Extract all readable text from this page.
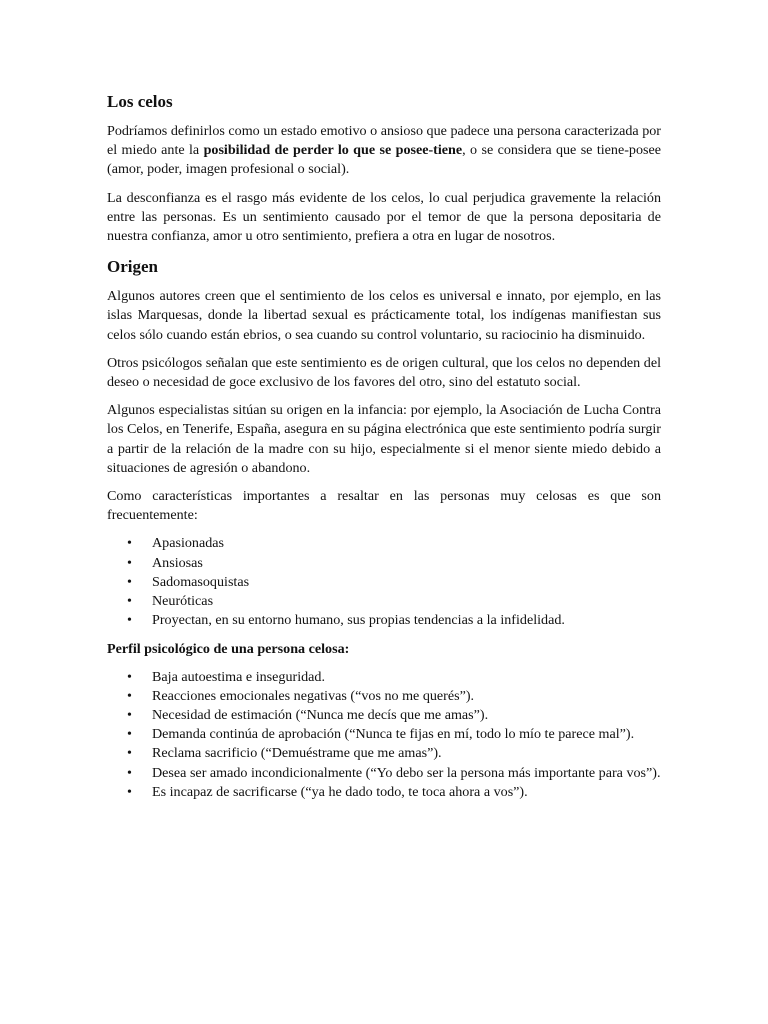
Los celos

Podríamos definirlos como un estado emotivo o ansioso que padece una persona caracterizada por el miedo ante la posibilidad de perder lo que se posee-tiene, o se considera que se tiene-posee (amor, poder, imagen profesional o social).

La desconfianza es el rasgo más evidente de los celos, lo cual perjudica gravemente la relación entre las personas. Es un sentimiento causado por el temor de que la persona depositaria de nuestra confianza, amor u otro sentimiento, prefiera a otra en lugar de nosotros.

Origen

Algunos autores creen que el sentimiento de los celos es universal e innato, por ejemplo, en las islas Marquesas, donde la libertad sexual es prácticamente total, los indígenas manifiestan sus celos sólo cuando están ebrios, o sea cuando su control voluntario, su raciocinio ha disminuido.

Otros psicólogos señalan que este sentimiento es de origen cultural, que los celos no dependen del deseo o necesidad de goce exclusivo de los favores del otro, sino del estatuto social.

Algunos especialistas sitúan su origen en la infancia: por ejemplo, la Asociación de Lucha Contra los Celos, en Tenerife, España, asegura en su página electrónica que este sentimiento podría surgir a partir de la relación de la madre con su hijo, especialmente si el menor siente miedo debido a situaciones de agresión o abandono.

Como características importantes a resaltar en las personas muy celosas es que son frecuentemente:

• Apasionadas
• Ansiosas
• Sadomasoquistas
• Neuróticas
• Proyectan, en su entorno humano, sus propias tendencias a la infidelidad.

Perfil psicológico de una persona celosa:

• Baja autoestima e inseguridad.
• Reacciones emocionales negativas (“vos no me querés”).
• Necesidad de estimación (“Nunca me decís que me amas”).
• Demanda continúa de aprobación (“Nunca te fijas en mí, todo lo mío te parece mal”).
• Reclama sacrificio (“Demuéstrame que me amas”).
• Desea ser amado incondicionalmente (“Yo debo ser la persona más importante para vos”).
• Es incapaz de sacrificarse (“ya he dado todo, te toca ahora a vos”).
